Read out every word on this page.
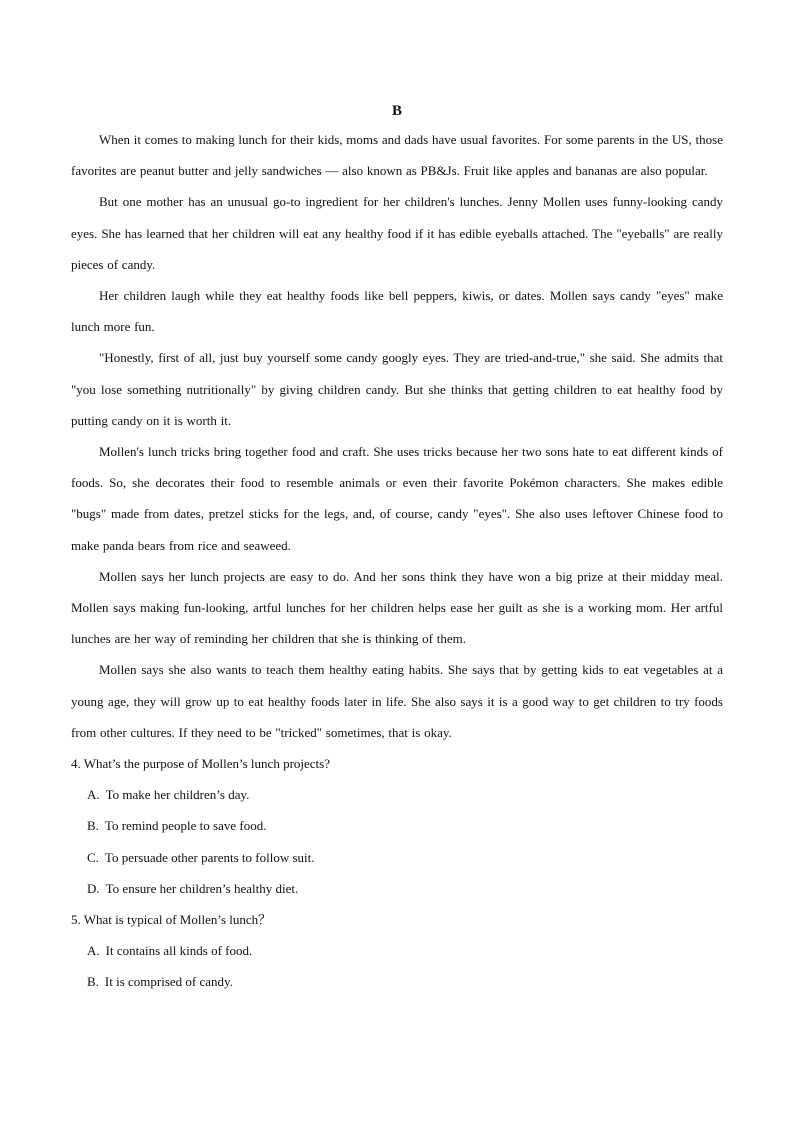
B

When it comes to making lunch for their kids, moms and dads have usual favorites. For some parents in the US, those favorites are peanut butter and jelly sandwiches — also known as PB&Js. Fruit like apples and bananas are also popular.

But one mother has an unusual go-to ingredient for her children's lunches. Jenny Mollen uses funny-looking candy eyes. She has learned that her children will eat any healthy food if it has edible eyeballs attached. The "eyeballs" are really pieces of candy.

Her children laugh while they eat healthy foods like bell peppers, kiwis, or dates. Mollen says candy "eyes" make lunch more fun.

"Honestly, first of all, just buy yourself some candy googly eyes. They are tried-and-true," she said. She admits that "you lose something nutritionally" by giving children candy. But she thinks that getting children to eat healthy food by putting candy on it is worth it.

Mollen's lunch tricks bring together food and craft. She uses tricks because her two sons hate to eat different kinds of foods. So, she decorates their food to resemble animals or even their favorite Pokémon characters. She makes edible "bugs" made from dates, pretzel sticks for the legs, and, of course, candy "eyes". She also uses leftover Chinese food to make panda bears from rice and seaweed.

Mollen says her lunch projects are easy to do. And her sons think they have won a big prize at their midday meal. Mollen says making fun-looking, artful lunches for her children helps ease her guilt as she is a working mom. Her artful lunches are her way of reminding her children that she is thinking of them.

Mollen says she also wants to teach them healthy eating habits. She says that by getting kids to eat vegetables at a young age, they will grow up to eat healthy foods later in life. She also says it is a good way to get children to try foods from other cultures. If they need to be "tricked" sometimes, that is okay.

4. What’s the purpose of Mollen’s lunch projects?

A. To make her children’s day.

B. To remind people to save food.

C. To persuade other parents to follow suit.

D. To ensure her children’s healthy diet.

5. What is typical of Mollen’s lunch？

A. It contains all kinds of food.

B. It is comprised of candy.
